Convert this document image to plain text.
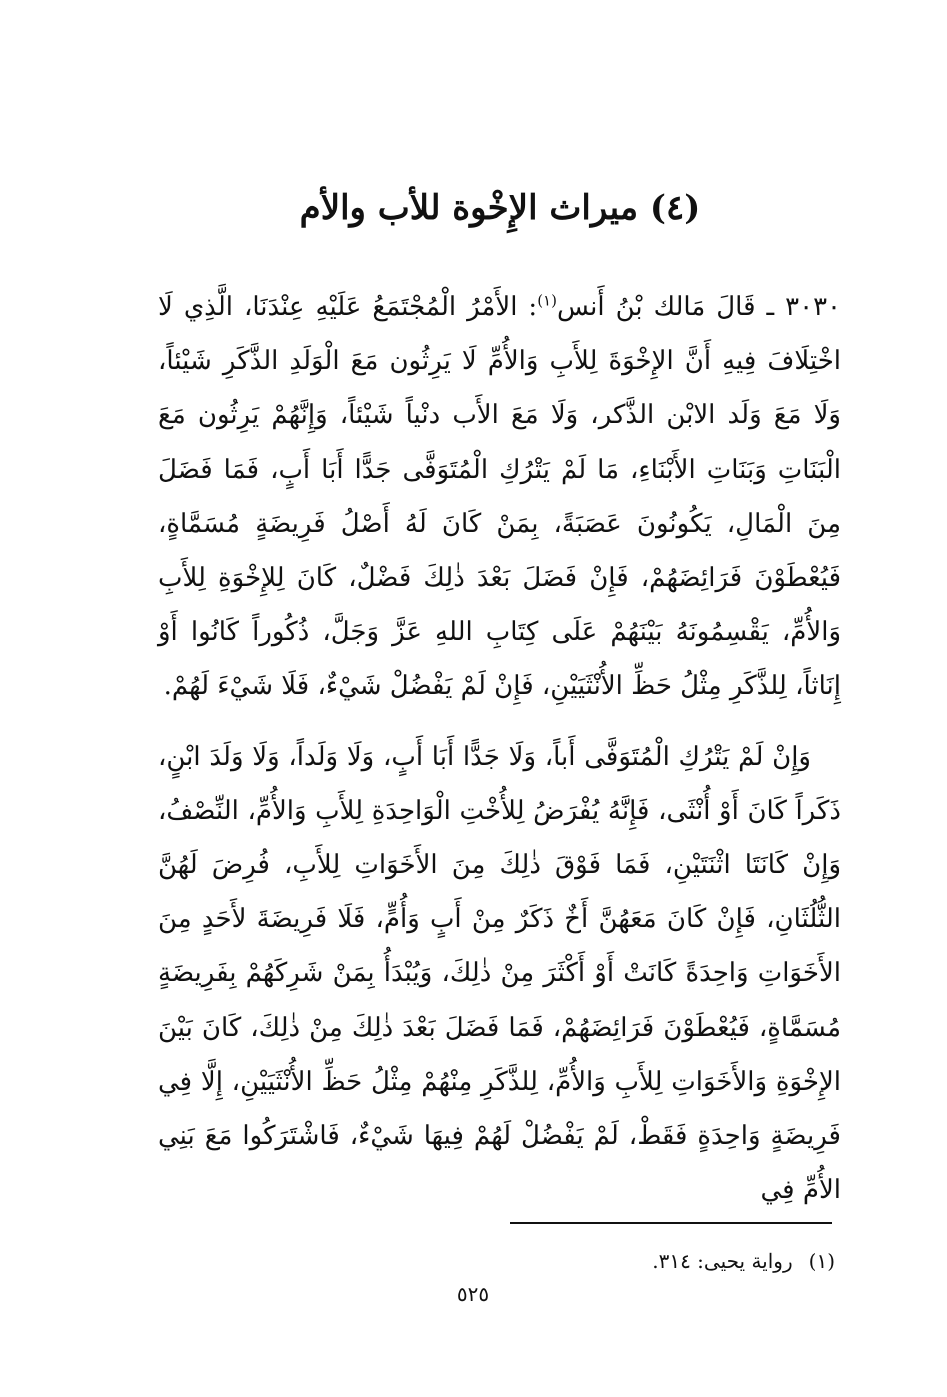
(٤) ميراث الإِخْوة للأب والأم

٣٠٣٠ ـ قَالَ مَالك بْنُ أَنس$^{(١)}$: الأَمْرُ الْمُجْتَمَعُ عَلَيْهِ عِنْدَنَا، الَّذِي لَا اخْتِلَافَ فِيهِ أَنَّ الإِخْوَةَ لِلأَبِ وَالأُمِّ لَا يَرِثُون مَعَ الْوَلَدِ الذَّكَرِ شَيْئاً، وَلَا مَعَ وَلَد الابْن الذَّكر، وَلَا مَعَ الأَب دنْياً شَيْئاً، وَإِنَّهُمْ يَرِثُون مَعَ الْبَنَاتِ وَبَنَاتِ الأَبْنَاءِ، مَا لَمْ يَتْرُكِ الْمُتَوَفَّى جَدًّا أَبَا أَبٍ، فَمَا فَضَلَ مِنَ الْمَالِ، يَكُونُونَ عَصَبَةً، بِمَنْ كَانَ لَهُ أَصْلُ فَرِيضَةٍ مُسَمَّاةٍ، فَيُعْطَوْنَ فَرَائِضَهُمْ، فَإِنْ فَضَلَ بَعْدَ ذٰلِكَ فَضْلٌ، كَانَ لِلإِخْوَةِ لِلأَبِ وَالأُمِّ، يَقْسِمُونَهُ بَيْنَهُمْ عَلَى كِتَابِ اللهِ عَزَّ وَجَلَّ، ذُكُوراً كَانُوا أَوْ إِنَاثاً، لِلذَّكَرِ مِثْلُ حَظِّ الأُنْثَيَيْنِ، فَإِنْ لَمْ يَفْضُلْ شَيْءٌ، فَلَا شَيْءَ لَهُمْ.

وَإِنْ لَمْ يَتْرُكِ الْمُتَوَفَّى أَباً، وَلَا جَدًّا أَبَا أَبٍ، وَلَا وَلَداً، وَلَا وَلَدَ ابْنٍ، ذَكَراً كَانَ أَوْ أُنْثَى، فَإِنَّهُ يُفْرَضُ لِلأُخْتِ الْوَاحِدَةِ لِلأَبِ وَالأُمِّ، النِّصْفُ، وَإِنْ كَانَتَا اثْنَتَيْنِ، فَمَا فَوْقَ ذٰلِكَ مِنَ الأَخَوَاتِ لِلأَبِ، فُرِضَ لَهُنَّ الثُّلُثَانِ، فَإِنْ كَانَ مَعَهُنَّ أَخٌ ذَكَرٌ مِنْ أَبٍ وَأُمٍّ، فَلَا فَرِيضَةَ لأَحَدٍ مِنَ الأَخَوَاتِ وَاحِدَةً كَانَتْ أَوْ أَكْثَرَ مِنْ ذٰلِكَ، وَيُبْدَأُ بِمَنْ شَرِكَهُمْ بِفَرِيضَةٍ مُسَمَّاةٍ، فَيُعْطَوْنَ فَرَائِضَهُمْ، فَمَا فَضَلَ بَعْدَ ذٰلِكَ مِنْ ذٰلِكَ، كَانَ بَيْنَ الإِخْوَةِ وَالأَخَوَاتِ لِلأَبِ وَالأُمِّ، لِلذَّكَرِ مِنْهُمْ مِثْلُ حَظِّ الأُنْثَيَيْنِ، إِلَّا فِي فَرِيضَةٍ وَاحِدَةٍ فَقَطْ، لَمْ يَفْضُلْ لَهُمْ فِيهَا شَيْءٌ، فَاشْتَرَكُوا مَعَ بَنِي الأُمِّ فِي

(١)رواية يحيى: ٣١٤.
٥٢٥
